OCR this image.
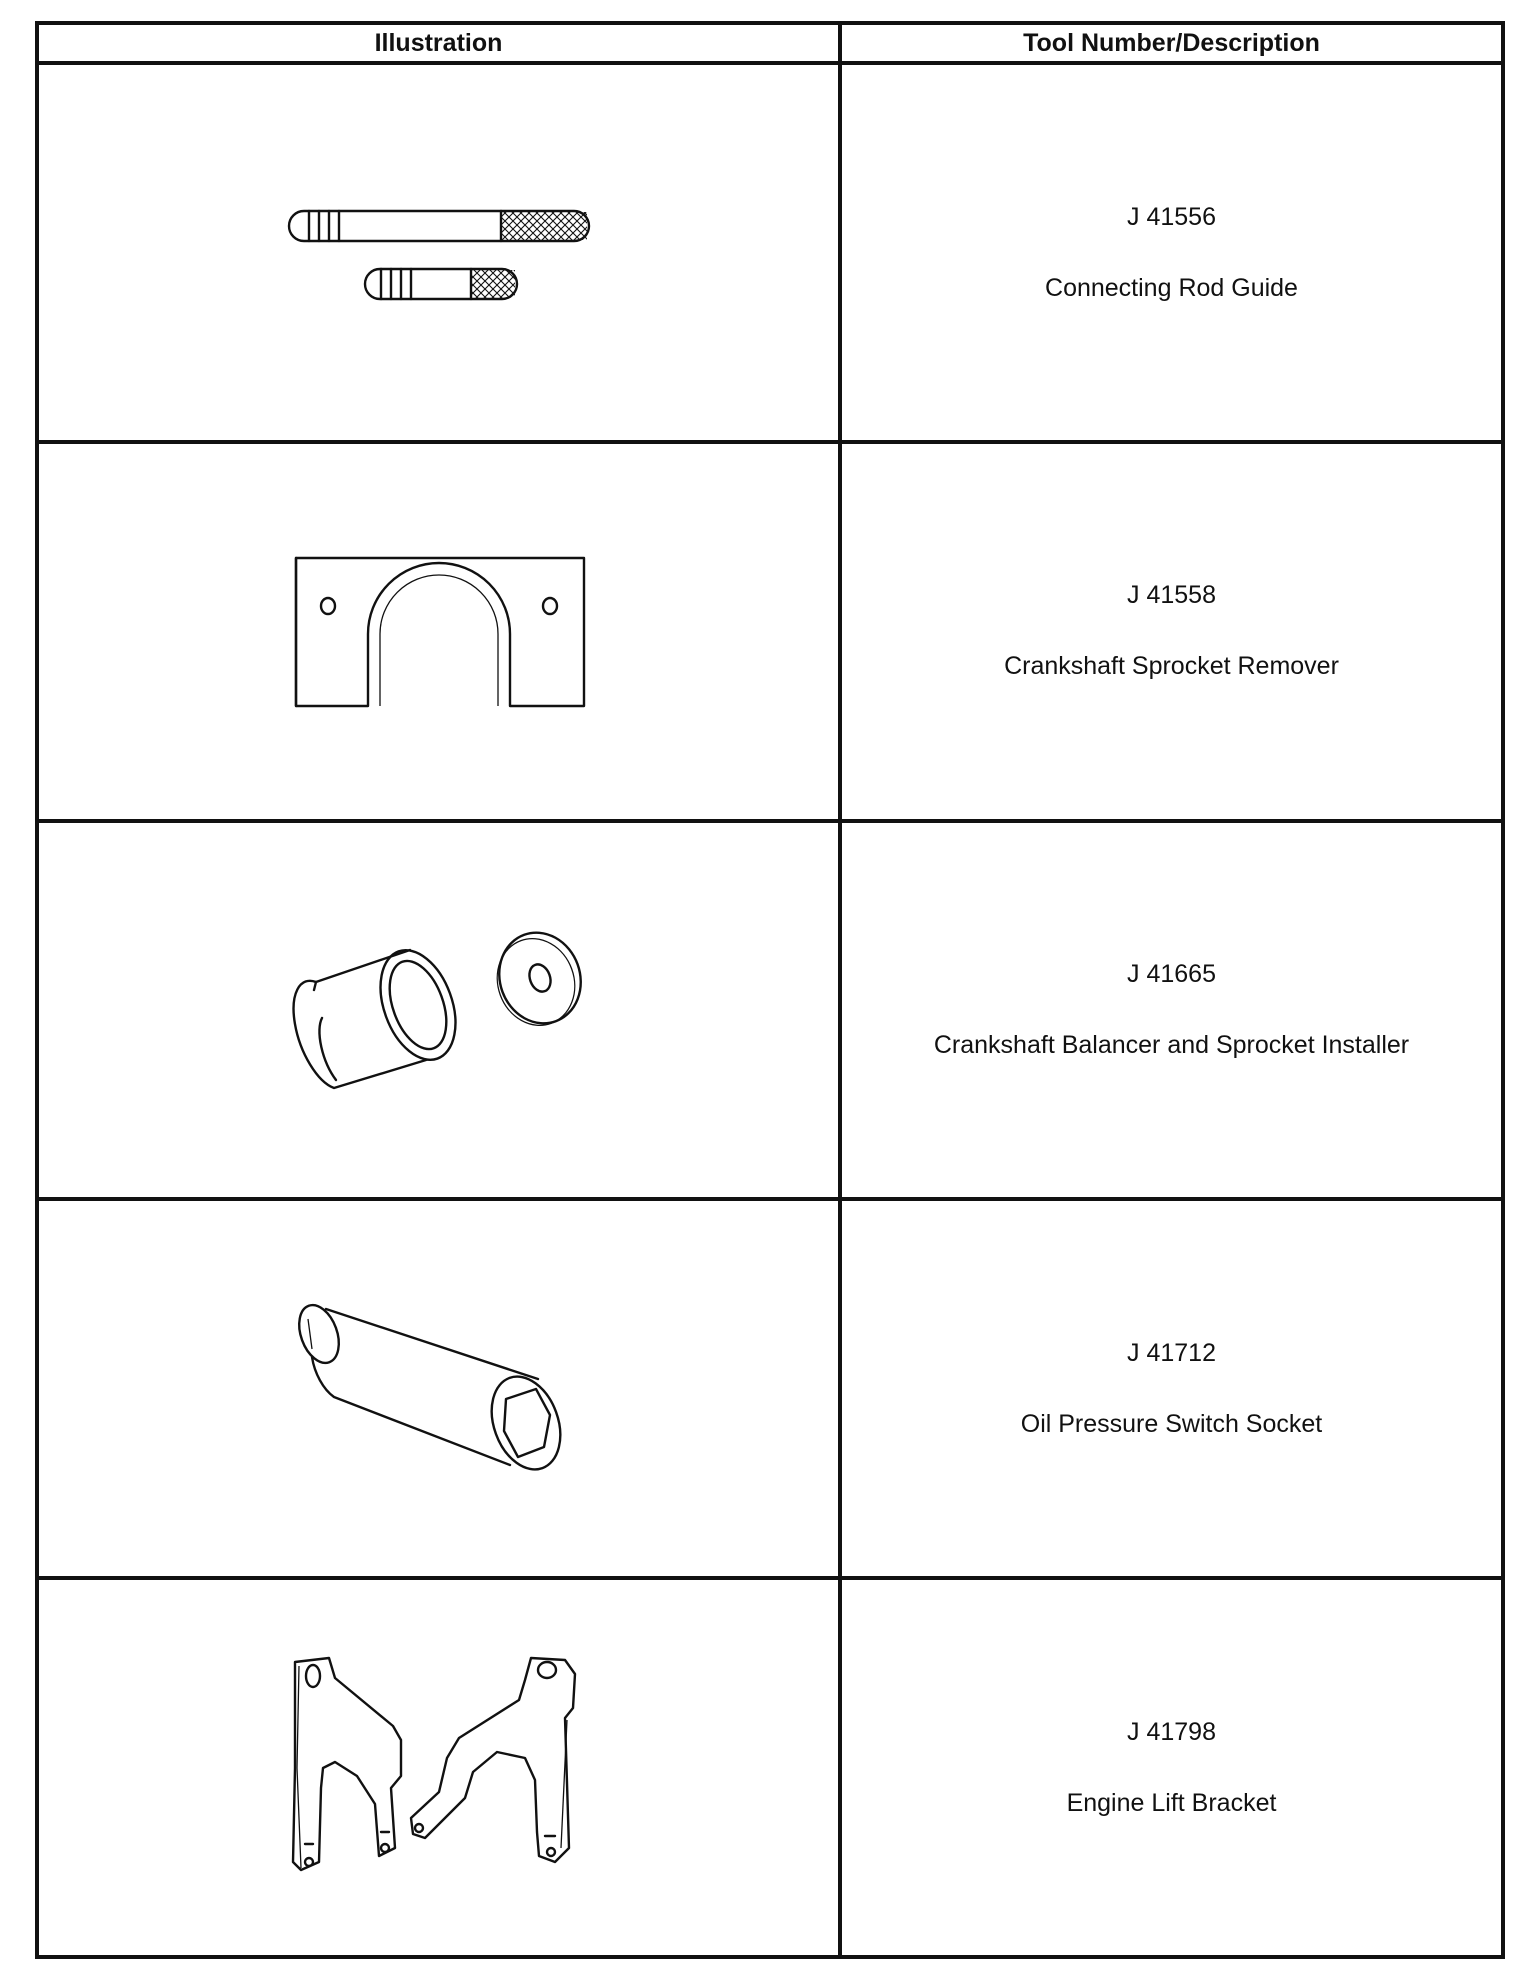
Illustration	Tool Number/Description

J 41556
Connecting Rod Guide

J 41558
Crankshaft Sprocket Remover

J 41665
Crankshaft Balancer and Sprocket Installer

J 41712
Oil Pressure Switch Socket

J 41798
Engine Lift Bracket
